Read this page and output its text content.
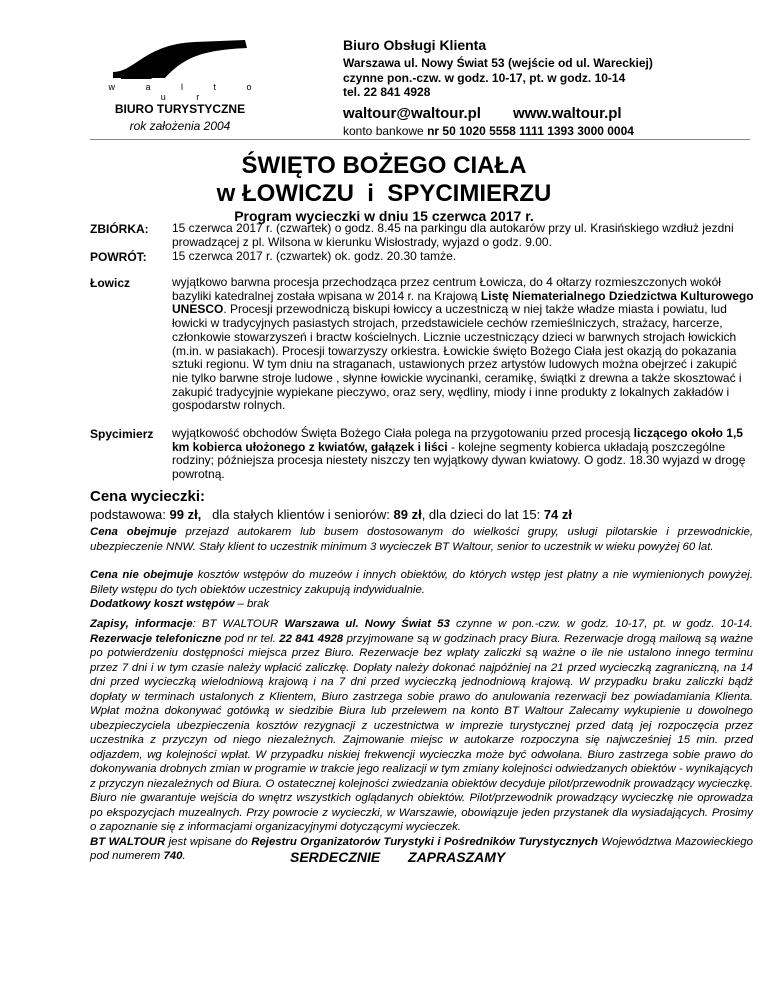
w a l t o u r
BIURO TURYSTYCZNE
rok założenia 2004
Biuro Obsługi Klienta
Warszawa ul. Nowy Świat 53 (wejście od ul. Wareckiej)
czynne pon.-czw. w godz. 10-17, pt. w godz. 10-14
tel. 22 841 4928
waltour@waltour.pl www.waltour.pl
konto bankowe nr 50 1020 5558 1111 1393 3000 0004
ŚWIĘTO BOŻEGO CIAŁA
w ŁOWICZU  i  SPYCIMIERZU
Program wycieczki w dniu 15 czerwca 2017 r.
ZBIÓRKA: 15 czerwca 2017 r. (czwartek) o godz. 8.45 na parkingu dla autokarów przy ul. Krasińskiego wzdłuż jezdni prowadzącej z pl. Wilsona w kierunku Wisłostrady, wyjazd o godz. 9.00.
POWRÓT: 15 czerwca 2017 r. (czwartek) ok. godz. 20.30 tamże.
Łowicz	wyjątkowo barwna procesja przechodząca przez centrum Łowicza, do 4 ołtarzy rozmieszczonych wokół bazyliki katedralnej została wpisana w 2014 r. na Krajową Listę Niematerialnego Dziedzictwa Kulturowego UNESCO. Procesji przewodniczą biskupi łowiccy a uczestniczą w niej także władze miasta i powiatu, lud łowicki w tradycyjnych pasiastych strojach, przedstawiciele cechów rzemieślniczych, strażacy, harcerze, członkowie stowarzyszeń i bractw kościelnych. Licznie uczestniczący dzieci w barwnych strojach łowickich (m.in. w pasiakach). Procesji towarzyszy orkiestra. Łowickie święto Bożego Ciała jest okazją do pokazania sztuki regionu. W tym dniu na straganach, ustawionych przez artystów ludowych można obejrzeć i zakupić nie tylko barwne stroje ludowe , słynne łowickie wycinanki, ceramikę, świątki z drewna a także skosztować i zakupić tradycyjnie wypiekane pieczywo, oraz sery, wędliny, miody i inne produkty z lokalnych zakładów i gospodarstw rolnych.
Spycimierz wyjątkowość obchodów Święta Bożego Ciała polega na przygotowaniu przed procesją liczącego około 1,5 km kobierca ułożonego z kwiatów, gałązek i liści - kolejne segmenty kobierca układają poszczególne rodziny; późniejsza procesja niestety niszczy ten wyjątkowy dywan kwiatowy. O godz. 18.30 wyjazd w drogę powrotną.
Cena wycieczki:
podstawowa: 99 zł, dla stałych klientów i seniorów: 89 zł, dla dzieci do lat 15: 74 zł
Cena obejmuje przejazd autokarem lub busem dostosowanym do wielkości grupy, usługi pilotarskie i przewodnickie, ubezpieczenie NNW. Stały klient to uczestnik minimum 3 wycieczek BT Waltour, senior to uczestnik w wieku powyżej 60 lat.
Cena nie obejmuje kosztów wstępów do muzeów i innych obiektów, do których wstęp jest płatny a nie wymienionych powyżej. Bilety wstępu do tych obiektów uczestnicy zakupują indywidualnie.
Dodatkowy koszt wstępów – brak
Zapisy, informacje: BT WALTOUR Warszawa ul. Nowy Świat 53 czynne w pon.-czw. w godz. 10-17, pt. w godz. 10-14. Rezerwacje telefoniczne pod nr tel. 22 841 4928 przyjmowane są w godzinach pracy Biura. Rezerwacje drogą mailową są ważne po potwierdzeniu dostępności miejsca przez Biuro. Rezerwacje bez wpłaty zaliczki są ważne o ile nie ustalono innego terminu przez 7 dni i w tym czasie należy wpłacić zaliczkę. Dopłaty należy dokonać najpóźniej na 21 przed wycieczką zagraniczną, na 14 dni przed wycieczką wielodniową krajową i na 7 dni przed wycieczką jednodniową krajową. W przypadku braku zaliczki bądź dopłaty w terminach ustalonych z Klientem, Biuro zastrzega sobie prawo do anulowania rezerwacji bez powiadamiania Klienta. Wpłat można dokonywać gotówką w siedzibie Biura lub przelewem na konto BT Waltour Zalecamy wykupienie u dowolnego ubezpieczyciela ubezpieczenia kosztów rezygnacji z uczestnictwa w imprezie turystycznej przed datą jej rozpoczęcia przez uczestnika z przyczyn od niego niezależnych. Zajmowanie miejsc w autokarze rozpoczyna się najwcześniej 15 min. przed odjazdem, wg kolejności wpłat. W przypadku niskiej frekwencji wycieczka może być odwołana. Biuro zastrzega sobie prawo do dokonywania drobnych zmian w programie w trakcie jego realizacji w tym zmiany kolejności odwiedzanych obiektów - wynikających z przyczyn niezależnych od Biura. O ostatecznej kolejności zwiedzania obiektów decyduje pilot/przewodnik prowadzący wycieczkę. Biuro nie gwarantuje wejścia do wnętrz wszystkich oglądanych obiektów. Pilot/przewodnik prowadzący wycieczkę nie oprowadza po ekspozycjach muzealnych. Przy powrocie z wycieczki, w Warszawie, obowiązuje jeden przystanek dla wysiadających. Prosimy o zapoznanie się z informacjami organizacyjnymi dotyczącymi wycieczek.
BT WALTOUR jest wpisane do Rejestru Organizatorów Turystyki i Pośredników Turystycznych Województwa Mazowieckiego pod numerem 740.	SERDECZNIE  ZAPRASZAMY
